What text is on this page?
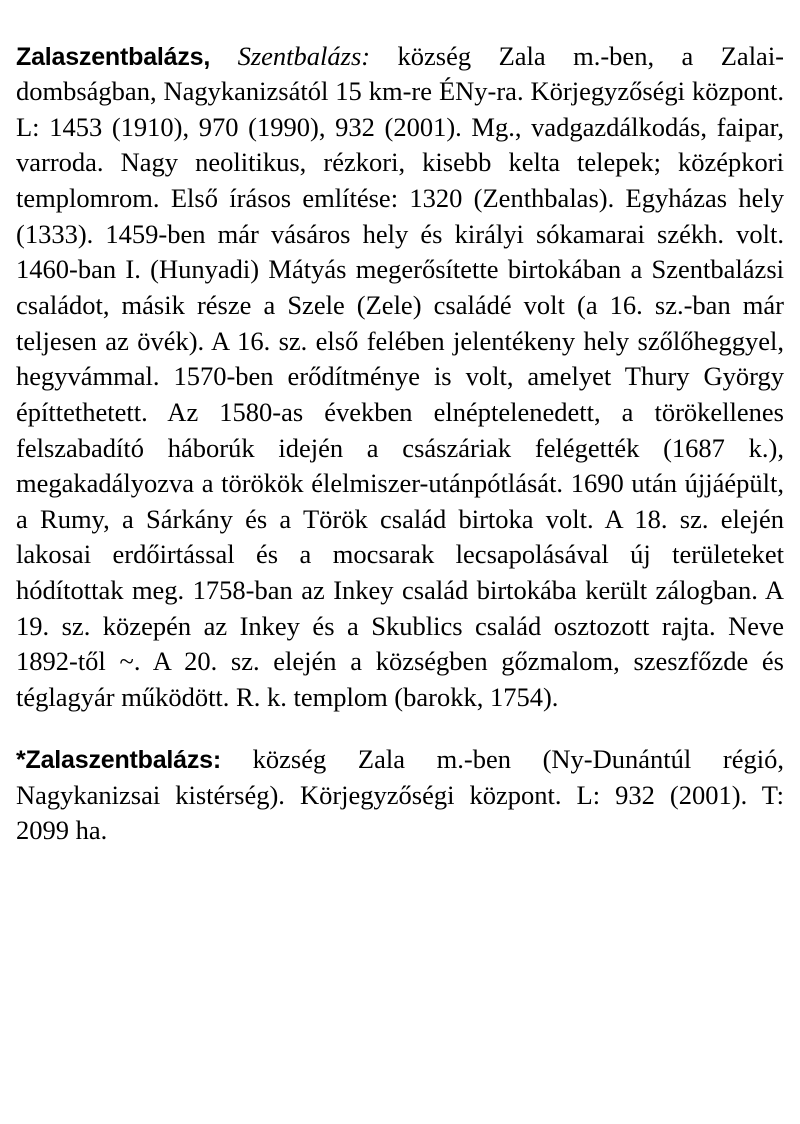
Zalaszentbalázs, Szentbalázs: község Zala m.-ben, a Zalai-dombságban, Nagykanizsától 15 km-re ÉNy-ra. Körjegyzőségi központ. L: 1453 (1910), 970 (1990), 932 (2001). Mg., vadgazdálkodás, faipar, varroda. Nagy neolitikus, rézkori, kisebb kelta telepek; középkori templomrom. Első írásos említése: 1320 (Zenthbalas). Egyházas hely (1333). 1459-ben már vásáros hely és királyi sókamarai székh. volt. 1460-ban I. (Hunyadi) Mátyás megerősítette birtokában a Szentbalázsi családot, másik része a Szele (Zele) családé volt (a 16. sz.-ban már teljesen az övék). A 16. sz. első felében jelentékeny hely szőlőheggyel, hegyvámmal. 1570-ben erődítménye is volt, amelyet Thury György építtethetett. Az 1580-as években elnéptelenedett, a törökellenes felszabadító háborúk idején a császáriak felégették (1687 k.), megakadályozva a törökök élelmiszer-utánpótlását. 1690 után újjáépült, a Rumy, a Sárkány és a Török család birtoka volt. A 18. sz. elején lakosai erdőirtással és a mocsarak lecsapolásával új területeket hódítottak meg. 1758-ban az Inkey család birtokába került zálogban. A 19. sz. közepén az Inkey és a Skublics család osztozott rajta. Neve 1892-től ~. A 20. sz. elején a községben gőzmalom, szeszfőzde és téglagyár működött. R. k. templom (barokk, 1754).

*Zalaszentbalázs: község Zala m.-ben (Ny-Dunántúl régió, Nagykanizsai kistérség). Körjegyzőségi központ. L: 932 (2001). T: 2099 ha.
